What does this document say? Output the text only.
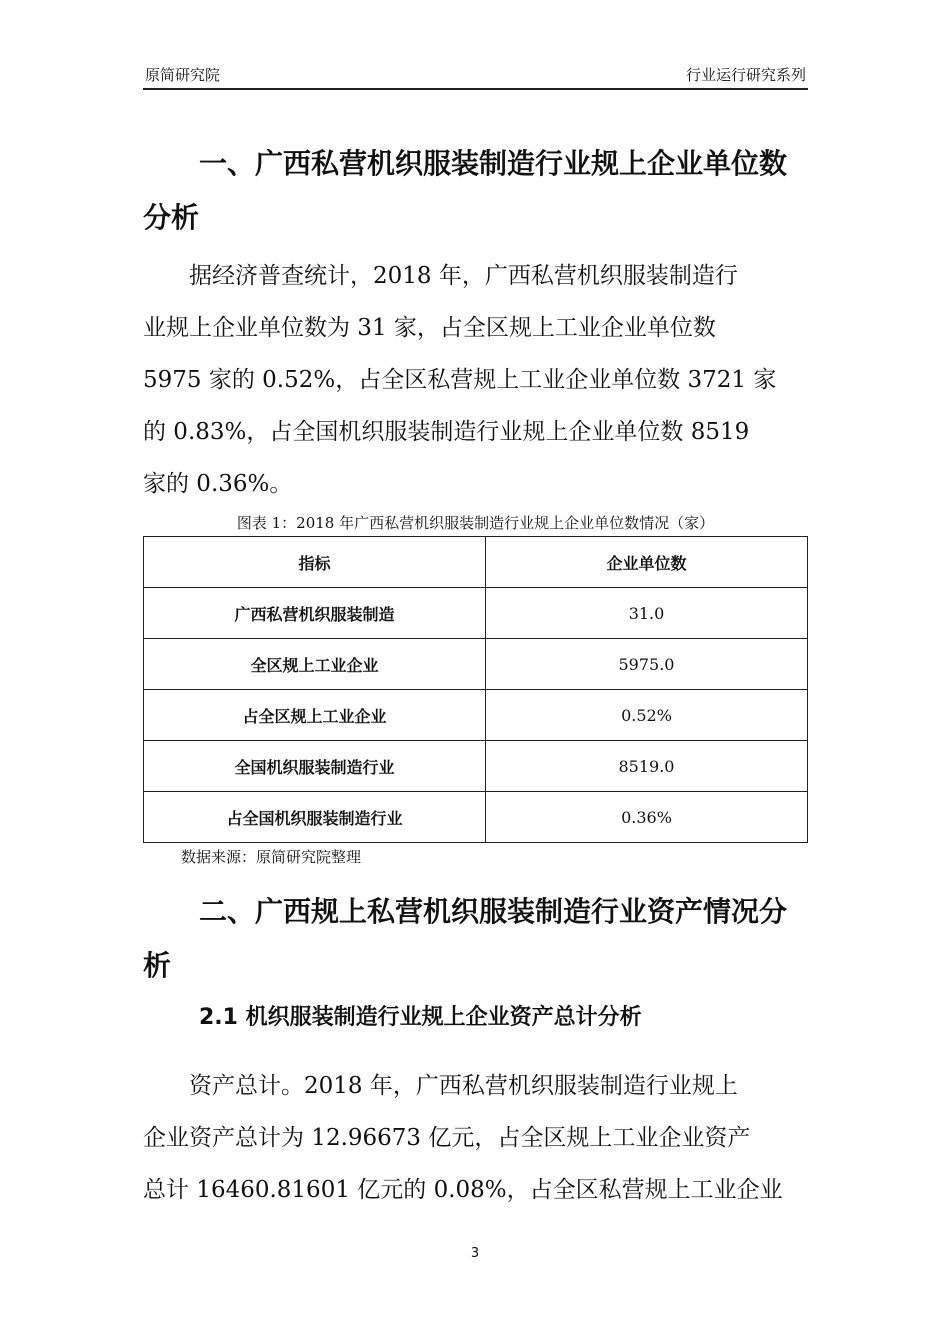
原简研究院	行业运行研究系列
一、广西私营机织服装制造行业规上企业单位数
分析
据经济普查统计，2018 年，广西私营机织服装制造行
业规上企业单位数为 31 家，占全区规上工业企业单位数
5975 家的 0.52%，占全区私营规上工业企业单位数 3721 家
的 0.83%，占全国机织服装制造行业规上企业单位数 8519
家的 0.36%。
图表 1：2018 年广西私营机织服装制造行业规上企业单位数情况（家）
指标	企业单位数
广西私营机织服装制造	31.0
全区规上工业企业	5975.0
占全区规上工业企业	0.52%
全国机织服装制造行业	8519.0
占全国机织服装制造行业	0.36%
数据来源：原简研究院整理
二、广西规上私营机织服装制造行业资产情况分
析
2.1 机织服装制造行业规上企业资产总计分析
资产总计。2018 年，广西私营机织服装制造行业规上
企业资产总计为 12.96673 亿元，占全区规上工业企业资产
总计 16460.81601 亿元的 0.08%，占全区私营规上工业企业
3
